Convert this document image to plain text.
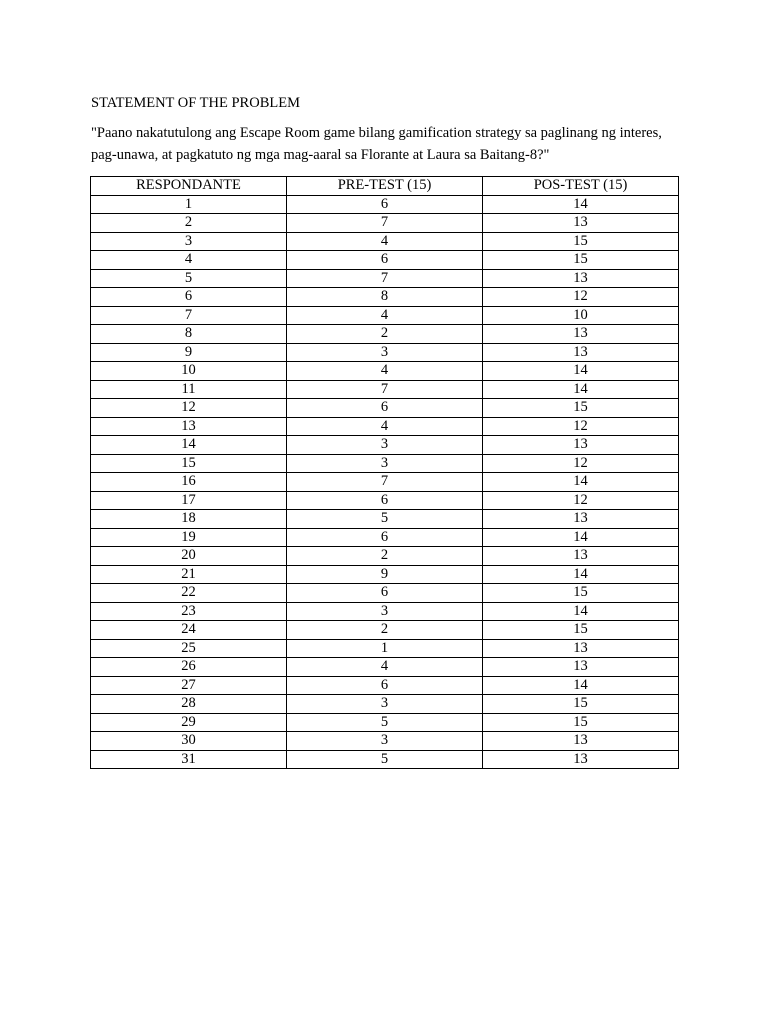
STATEMENT OF THE PROBLEM
"Paano nakatutulong ang Escape Room game bilang gamification strategy sa paglinang ng interes, pag-unawa, at pagkatuto ng mga mag-aaral sa Florante at Laura sa Baitang-8?"
RESPONDANTE	PRE-TEST (15)	POS-TEST (15)
1	6	14
2	7	13
3	4	15
4	6	15
5	7	13
6	8	12
7	4	10
8	2	13
9	3	13
10	4	14
11	7	14
12	6	15
13	4	12
14	3	13
15	3	12
16	7	14
17	6	12
18	5	13
19	6	14
20	2	13
21	9	14
22	6	15
23	3	14
24	2	15
25	1	13
26	4	13
27	6	14
28	3	15
29	5	15
30	3	13
31	5	13
